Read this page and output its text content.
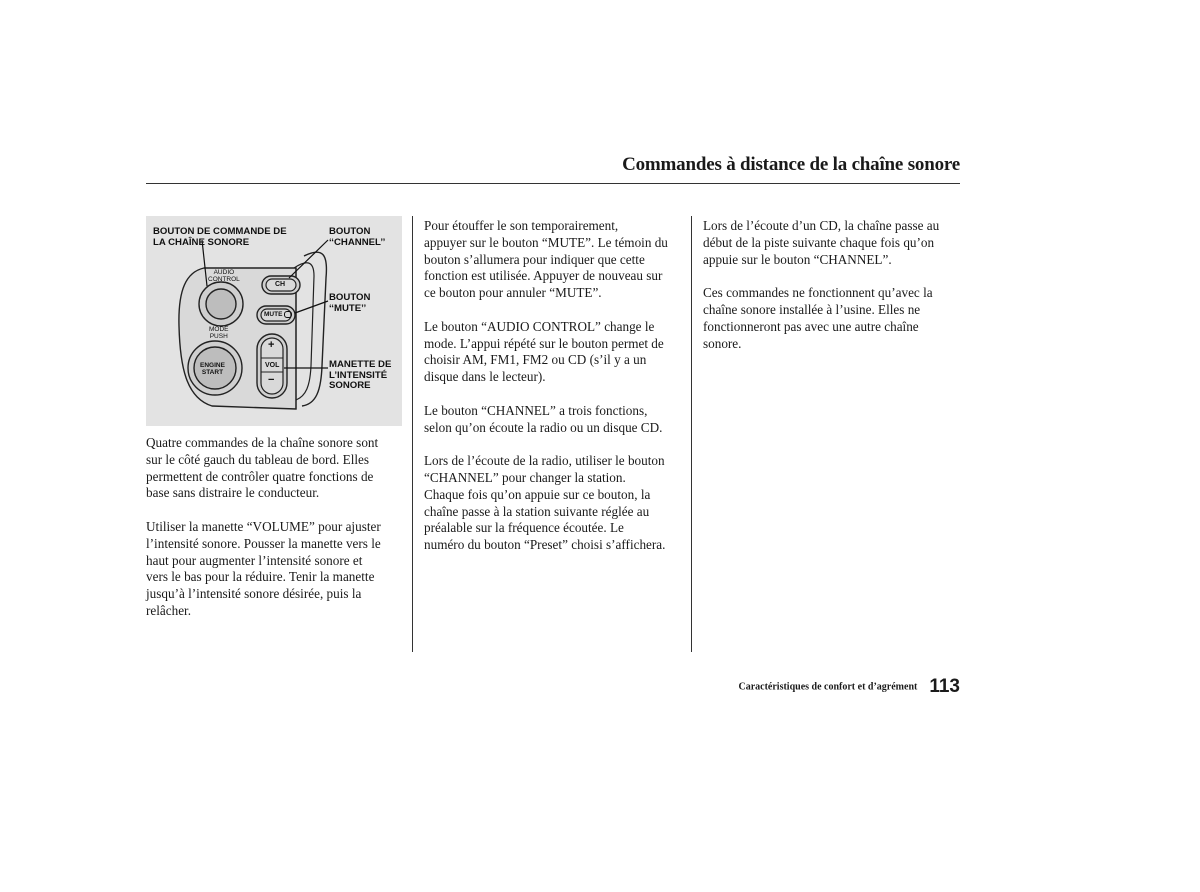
Commandes à distance de la chaîne sonore
AUDIO
CONTROL
MODE
PUSH
ENGINE
START
CH
MUTE
+
VOL
−
BOUTON DE COMMANDE DE
LA CHAÎNE SONORE
BOUTON
‘‘CHANNEL’’
BOUTON
‘‘MUTE’’
MANETTE DE
L’INTENSITÉ
SONORE

Quatre commandes de la chaîne sonore sont
sur le côté gauch du tableau de bord. Elles
permettent de contrôler quatre fonctions de
base sans distraire le conducteur.

Utiliser la manette “VOLUME” pour ajuster
l’intensité sonore. Pousser la manette vers le
haut pour augmenter l’intensité sonore et
vers le bas pour la réduire. Tenir la manette
jusqu’à l’intensité sonore désirée, puis la
relâcher.

Pour étouffer le son temporairement,
appuyer sur le bouton “MUTE”. Le témoin du
bouton s’allumera pour indiquer que cette
fonction est utilisée. Appuyer de nouveau sur
ce bouton pour annuler “MUTE”.

Le bouton “AUDIO CONTROL” change le
mode. L’appui répété sur le bouton permet de
choisir AM, FM1, FM2 ou CD (s’il y a un
disque dans le lecteur).

Le bouton “CHANNEL” a trois fonctions,
selon qu’on écoute la radio ou un disque CD.

Lors de l’écoute de la radio, utiliser le bouton
“CHANNEL” pour changer la station.
Chaque fois qu’on appuie sur ce bouton, la
chaîne passe à la station suivante réglée au
préalable sur la fréquence écoutée. Le
numéro du bouton “Preset” choisi s’affichera.

Lors de l’écoute d’un CD, la chaîne passe au
début de la piste suivante chaque fois qu’on
appuie sur le bouton “CHANNEL”.

Ces commandes ne fonctionnent qu’avec la
chaîne sonore installée à l’usine. Elles ne
fonctionneront pas avec une autre chaîne
sonore.

Caractéristiques de confort et d’agrément 113
